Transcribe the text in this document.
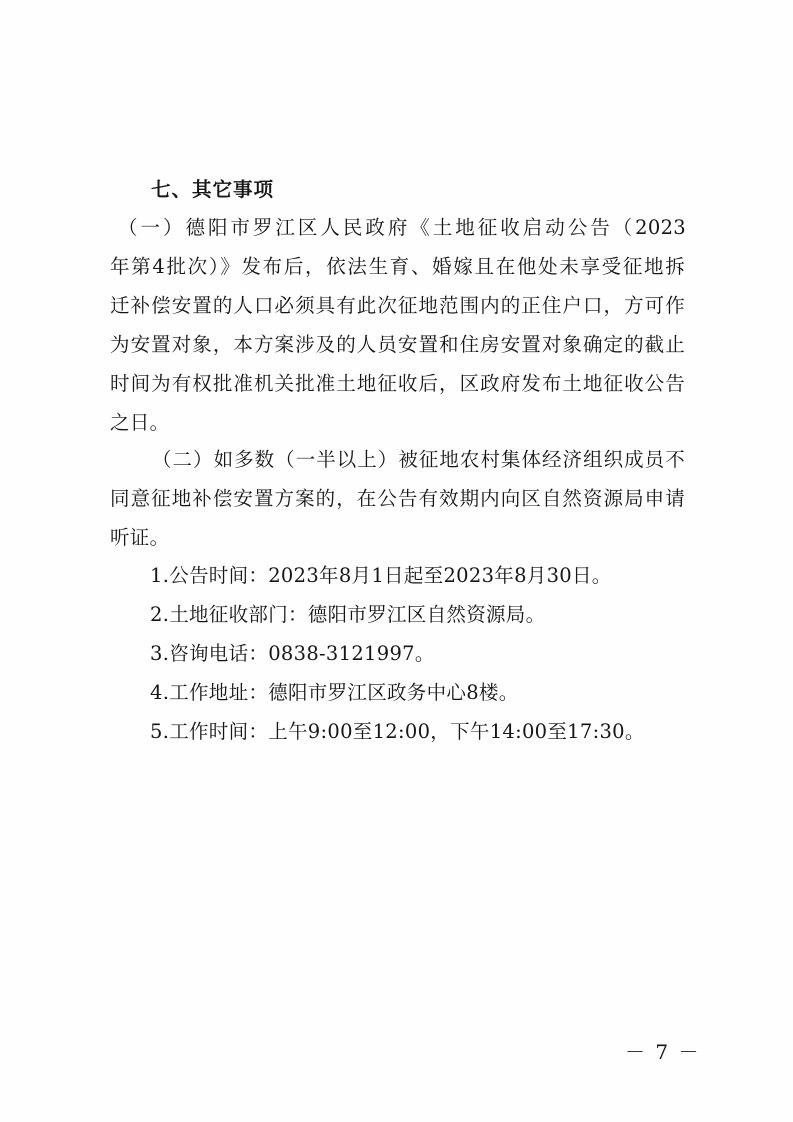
七、其它事项
（一）德阳市罗江区人民政府《土地征收启动公告（2023
年第4批次）》发布后，依法生育、婚嫁且在他处未享受征地拆
迁补偿安置的人口必须具有此次征地范围内的正住户口，方可作
为安置对象，本方案涉及的人员安置和住房安置对象确定的截止
时间为有权批准机关批准土地征收后，区政府发布土地征收公告
之日。
（二）如多数（一半以上）被征地农村集体经济组织成员不
同意征地补偿安置方案的，在公告有效期内向区自然资源局申请
听证。
1.公告时间：2023年8月1日起至2023年8月30日。
2.土地征收部门：德阳市罗江区自然资源局。
3.咨询电话：0838-3121997。
4.工作地址：德阳市罗江区政务中心8楼。
5.工作时间：上午9:00至12:00，下午14:00至17:30。
－ 7 －
